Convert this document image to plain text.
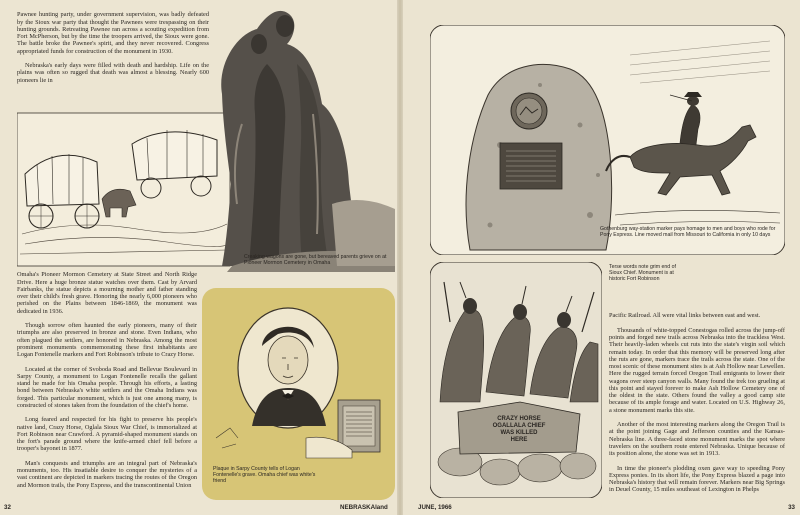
Pawnee hunting party, under government supervision, was badly defeated by the Sioux war party that thought the Pawnees were trespassing on their hunting grounds. Retreating Pawnee ran across a scouting expedition from Fort McPherson, but by the time the troopers arrived, the Sioux were gone. The battle broke the Pawnee's spirit, and they never recovered. Congress appropriated funds for construction of the monument in 1930.

Nebraska's early days were filled with death and hardship. Life on the plains was often so rugged that death was almost a blessing. Nearly 600 pioneers lie in

Creaking wagons are gone, but bereaved parents grieve on at Pioneer Mormon Cemetery in Omaha

Omaha's Pioneer Mormon Cemetery at State Street and North Ridge Drive. Here a huge bronze statue watches over them. Cast by Arvard Fairbanks, the statue depicts a mourning mother and father standing over their child's fresh grave. Honoring the nearly 6,000 pioneers who perished on the Plains between 1846-1869, the monument was dedicated in 1936.

Though sorrow often haunted the early pioneers, many of their triumphs are also preserved in bronze and stone. Even Indians, who often plagued the settlers, are honored in Nebraska. Among the most prominent monuments commemorating these first inhabitants are Logan Fontenelle markers and Fort Robinson's tribute to Crazy Horse.

Located at the corner of Svoboda Road and Bellevue Boulevard in Sarpy County, a monument to Logan Fontenelle recalls the gallant stand he made for his Omaha people. Through his efforts, a lasting bond between Nebraska's white settlers and the Omaha Indians was forged. This particular monument, which is just one among many, is constructed of stones taken from the foundation of the chief's home.

Long feared and respected for his fight to preserve his people's native land, Crazy Horse, Oglala Sioux War Chief, is immortalized at Fort Robinson near Crawford. A pyramid-shaped monument stands on the fort's parade ground where the knife-armed chief fell before a trooper's bayonet in 1877.

Man's conquests and triumphs are an integral part of Nebraska's monuments, too. His insatiable desire to conquer the mysteries of a vast continent are depicted in markers tracing the routes of the Oregon and Mormon trails, the Pony Express, and the transcontinental Union

Plaque in Sarpy County tells of Logan Fontenelle's grave. Omaha chief was white's friend
32	NEBRASKAland
Gothenburg way-station marker pays homage to men and boys who rode for Pony Express. Line moved mail from Missouri to California in only 10 days
CRAZY HORSE
OGALLALA CHIEF
WAS KILLED
HERE
Terse words note grim end of Sioux Chief. Monument is at historic Fort Robinson

Pacific Railroad. All were vital links between east and west.

Thousands of white-topped Conestogas rolled across the jump-off points and forged new trails across Nebraska into the trackless West. Their heavily-laden wheels cut ruts into the state's virgin soil which remain today. In order that this memory will be preserved long after the ruts are gone, markers trace the trails across the state. One of the most scenic of these monument sites is at Ash Hollow near Lewellen. Here the rugged terrain forced Oregon Trail emigrants to lower their wagons over steep canyon walls. Many found the trek too grueling at this point and stayed forever to make Ash Hollow Cemetery one of the oldest in the state. Others found the valley a good camp site because of its ample forage and water. Located on U.S. Highway 26, a stone monument marks this site.

Another of the most interesting markers along the Oregon Trail is at the point joining Gage and Jefferson counties and the Kansas-Nebraska line. A three-faced stone monument marks the spot where travelers on the southern route entered Nebraska. Unique because of its position alone, the stone was set in 1913.

In time the pioneer's plodding oxen gave way to speeding Pony Express ponies. In its short life, the Pony Express blazed a page into Nebraska's history that will remain forever. Markers near Big Springs in Deuel County, 15 miles southeast of Lexington in Phelps

JUNE, 1966	33
